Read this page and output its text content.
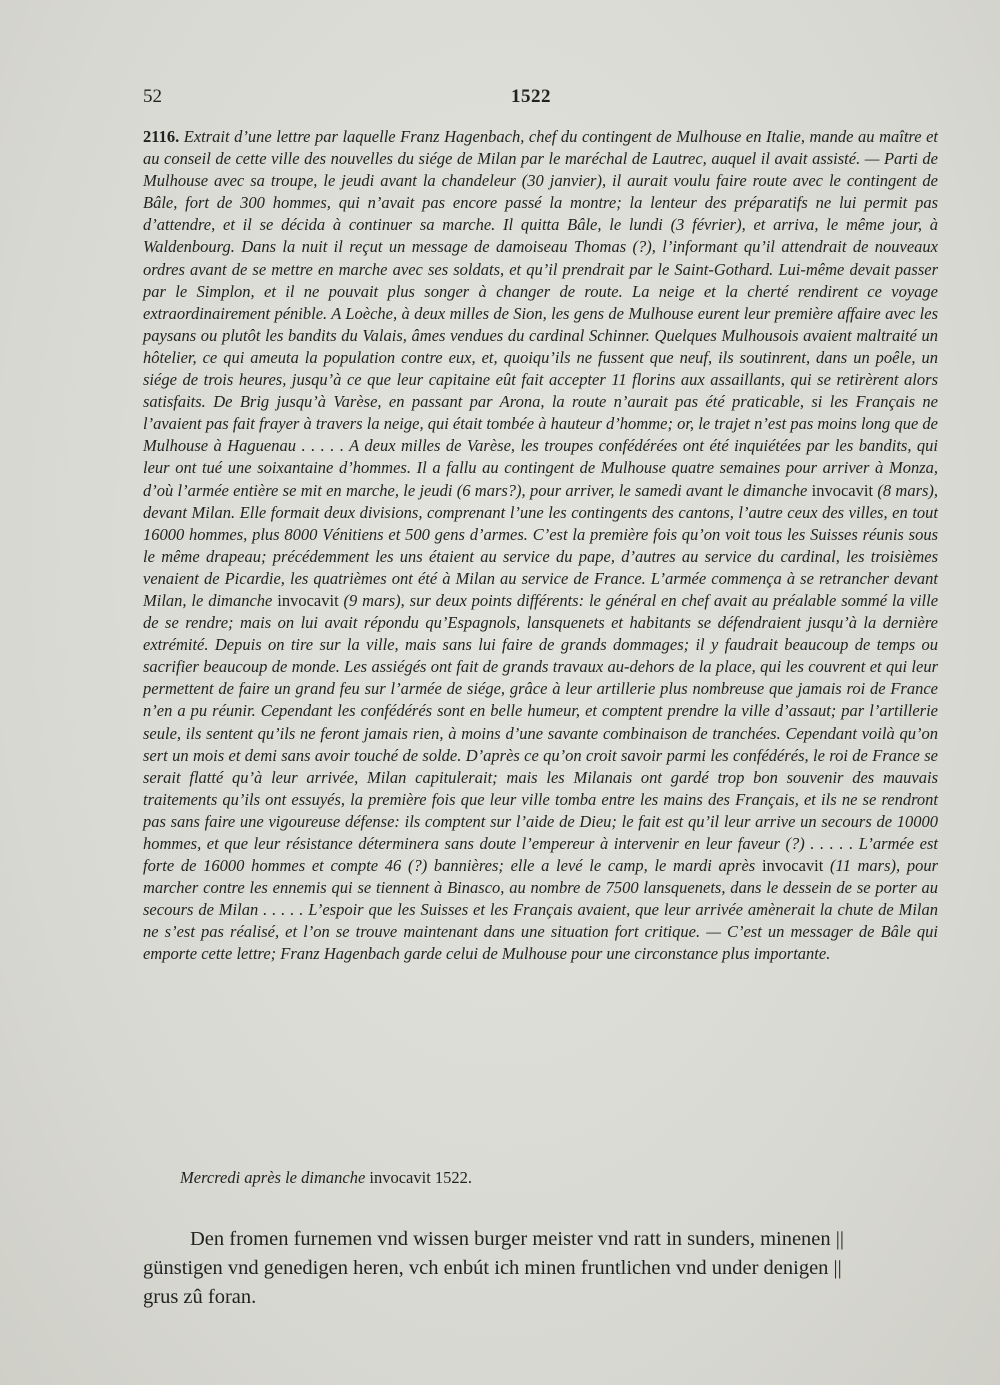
52	1522
2116. Extrait d’une lettre par laquelle Franz Hagenbach, chef du contingent de Mulhouse en Italie, mande au maître et au conseil de cette ville des nouvelles du siége de Milan par le maréchal de Lautrec, auquel il avait assisté. — Parti de Mulhouse avec sa troupe, le jeudi avant la chandeleur (30 janvier), il aurait voulu faire route avec le contingent de Bâle, fort de 300 hommes, qui n’avait pas encore passé la montre; la lenteur des préparatifs ne lui permit pas d’attendre, et il se décida à continuer sa marche. Il quitta Bâle, le lundi (3 février), et arriva, le même jour, à Waldenbourg. Dans la nuit il reçut un message de damoiseau Thomas (?), l’informant qu’il attendrait de nouveaux ordres avant de se mettre en marche avec ses soldats, et qu’il prendrait par le Saint-Gothard. Lui-même devait passer par le Simplon, et il ne pouvait plus songer à changer de route. La neige et la cherté rendirent ce voyage extraordinairement pénible. A Loèche, à deux milles de Sion, les gens de Mulhouse eurent leur première affaire avec les paysans ou plutôt les bandits du Valais, âmes vendues du cardinal Schinner. Quelques Mulhousois avaient maltraité un hôtelier, ce qui ameuta la population contre eux, et, quoiqu’ils ne fussent que neuf, ils soutinrent, dans un poêle, un siége de trois heures, jusqu’à ce que leur capitaine eût fait accepter 11 florins aux assaillants, qui se retirèrent alors satisfaits. De Brig jusqu’à Varèse, en passant par Arona, la route n’aurait pas été praticable, si les Français ne l’avaient pas fait frayer à travers la neige, qui était tombée à hauteur d’homme; or, le trajet n’est pas moins long que de Mulhouse à Haguenau . . . . . A deux milles de Varèse, les troupes confédérées ont été inquiétées par les bandits, qui leur ont tué une soixantaine d’hommes. Il a fallu au contingent de Mulhouse quatre semaines pour arriver à Monza, d’où l’armée entière se mit en marche, le jeudi (6 mars?), pour arriver, le samedi avant le dimanche invocavit (8 mars), devant Milan. Elle formait deux divisions, comprenant l’une les contingents des cantons, l’autre ceux des villes, en tout 16000 hommes, plus 8000 Vénitiens et 500 gens d’armes. C’est la première fois qu’on voit tous les Suisses réunis sous le même drapeau; précédemment les uns étaient au service du pape, d’autres au service du cardinal, les troisièmes venaient de Picardie, les quatrièmes ont été à Milan au service de France. L’armée commença à se retrancher devant Milan, le dimanche invocavit (9 mars), sur deux points différents: le général en chef avait au préalable sommé la ville de se rendre; mais on lui avait répondu qu’Espagnols, lansquenets et habitants se défendraient jusqu’à la dernière extrémité. Depuis on tire sur la ville, mais sans lui faire de grands dommages; il y faudrait beaucoup de temps ou sacrifier beaucoup de monde. Les assiégés ont fait de grands travaux au-dehors de la place, qui les couvrent et qui leur permettent de faire un grand feu sur l’armée de siége, grâce à leur artillerie plus nombreuse que jamais roi de France n’en a pu réunir. Cependant les confédérés sont en belle humeur, et comptent prendre la ville d’assaut; par l’artillerie seule, ils sentent qu’ils ne feront jamais rien, à moins d’une savante combinaison de tranchées. Cependant voilà qu’on sert un mois et demi sans avoir touché de solde. D’après ce qu’on croit savoir parmi les confédérés, le roi de France se serait flatté qu’à leur arrivée, Milan capitulerait; mais les Milanais ont gardé trop bon souvenir des mauvais traitements qu’ils ont essuyés, la première fois que leur ville tomba entre les mains des Français, et ils ne se rendront pas sans faire une vigoureuse défense: ils comptent sur l’aide de Dieu; le fait est qu’il leur arrive un secours de 10000 hommes, et que leur résistance déterminera sans doute l’empereur à intervenir en leur faveur (?) . . . . . L’armée est forte de 16000 hommes et compte 46 (?) bannières; elle a levé le camp, le mardi après invocavit (11 mars), pour marcher contre les ennemis qui se tiennent à Binasco, au nombre de 7500 lansquenets, dans le dessein de se porter au secours de Milan . . . . . L’espoir que les Suisses et les Français avaient, que leur arrivée amènerait la chute de Milan ne s’est pas réalisé, et l’on se trouve maintenant dans une situation fort critique. — C’est un messager de Bâle qui emporte cette lettre; Franz Hagenbach garde celui de Mulhouse pour une circonstance plus importante.
Mercredi après le dimanche invocavit 1522.
Den fromen furnemen vnd wissen burger meister vnd ratt in sunders, minenen ||
günstigen vnd genedigen heren, vch enbút ich minen fruntlichen vnd under denigen ||
grus zû foran.
